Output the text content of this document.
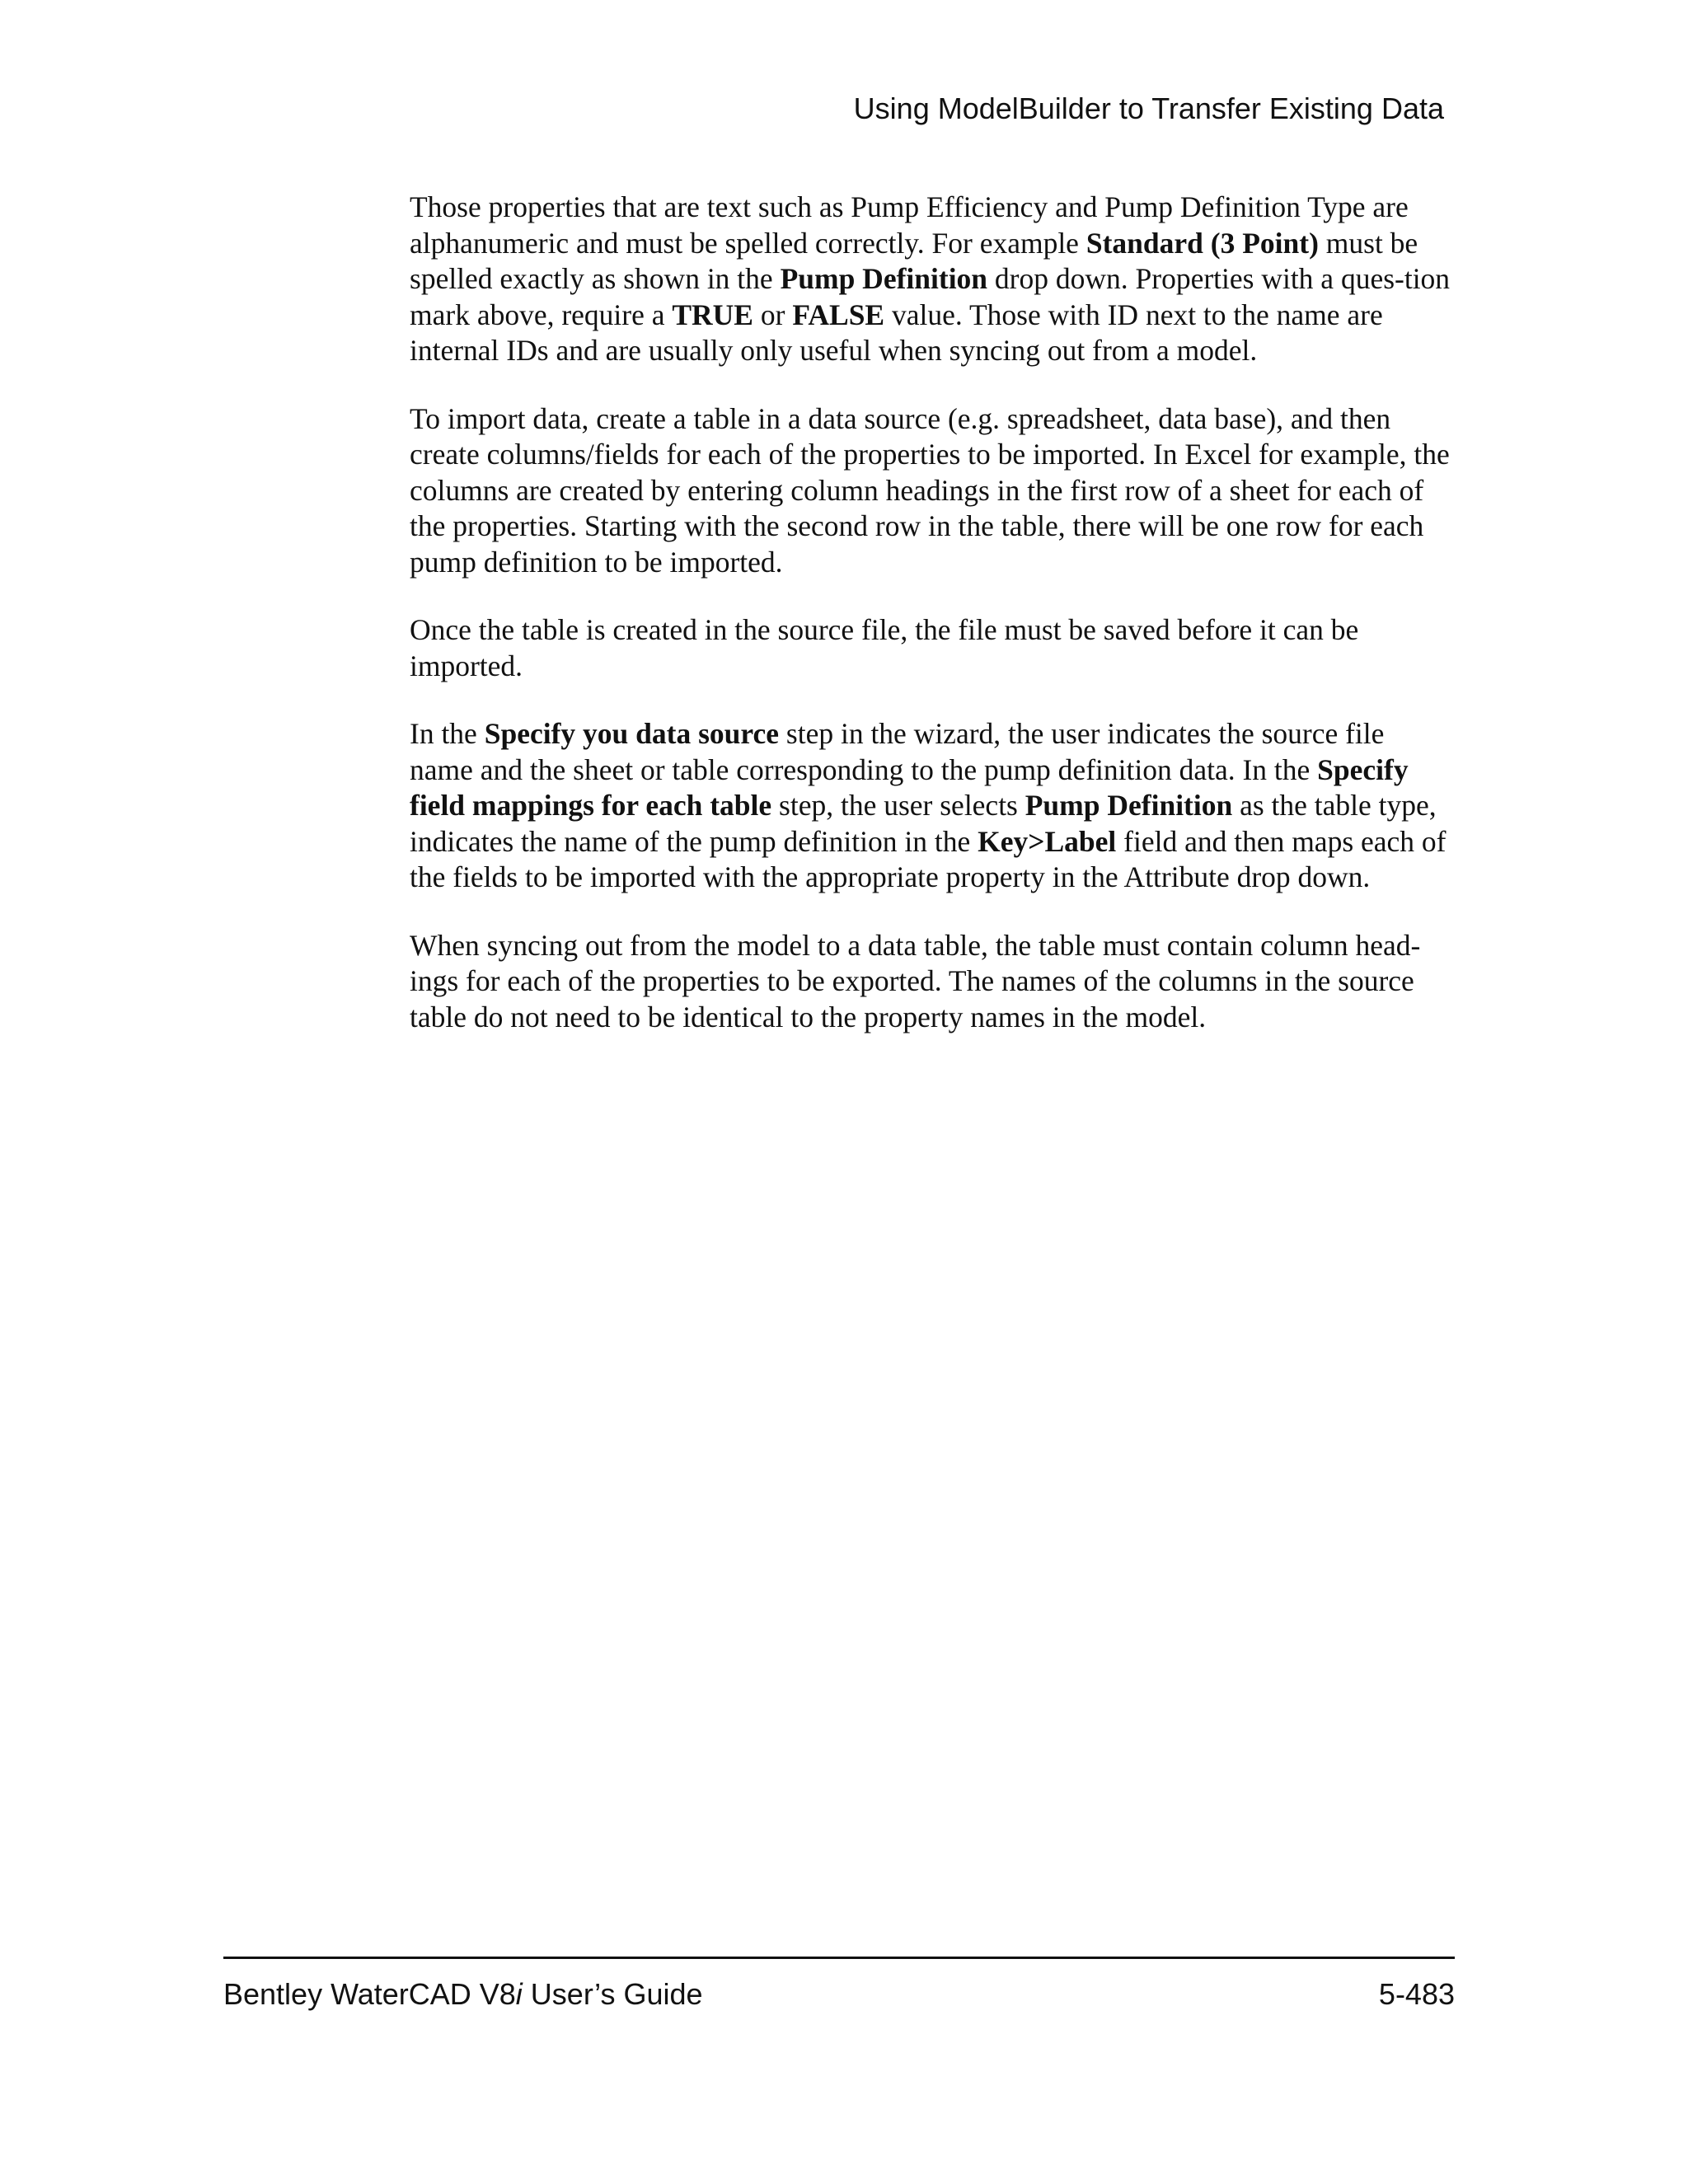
Using ModelBuilder to Transfer Existing Data

Those properties that are text such as Pump Efficiency and Pump Definition Type are alphanumeric and must be spelled correctly. For example Standard (3 Point) must be spelled exactly as shown in the Pump Definition drop down. Properties with a ques-tion mark above, require a TRUE or FALSE value. Those with ID next to the name are internal IDs and are usually only useful when syncing out from a model.

To import data, create a table in a data source (e.g. spreadsheet, data base), and then create columns/fields for each of the properties to be imported. In Excel for example, the columns are created by entering column headings in the first row of a sheet for each of the properties. Starting with the second row in the table, there will be one row for each pump definition to be imported.

Once the table is created in the source file, the file must be saved before it can be imported.

In the Specify you data source step in the wizard, the user indicates the source file name and the sheet or table corresponding to the pump definition data. In the Specify field mappings for each table step, the user selects Pump Definition as the table type, indicates the name of the pump definition in the Key>Label field and then maps each of the fields to be imported with the appropriate property in the Attribute drop down.

When syncing out from the model to a data table, the table must contain column head-ings for each of the properties to be exported. The names of the columns in the source table do not need to be identical to the property names in the model.

Bentley WaterCAD V8i User’s Guide	5-483
